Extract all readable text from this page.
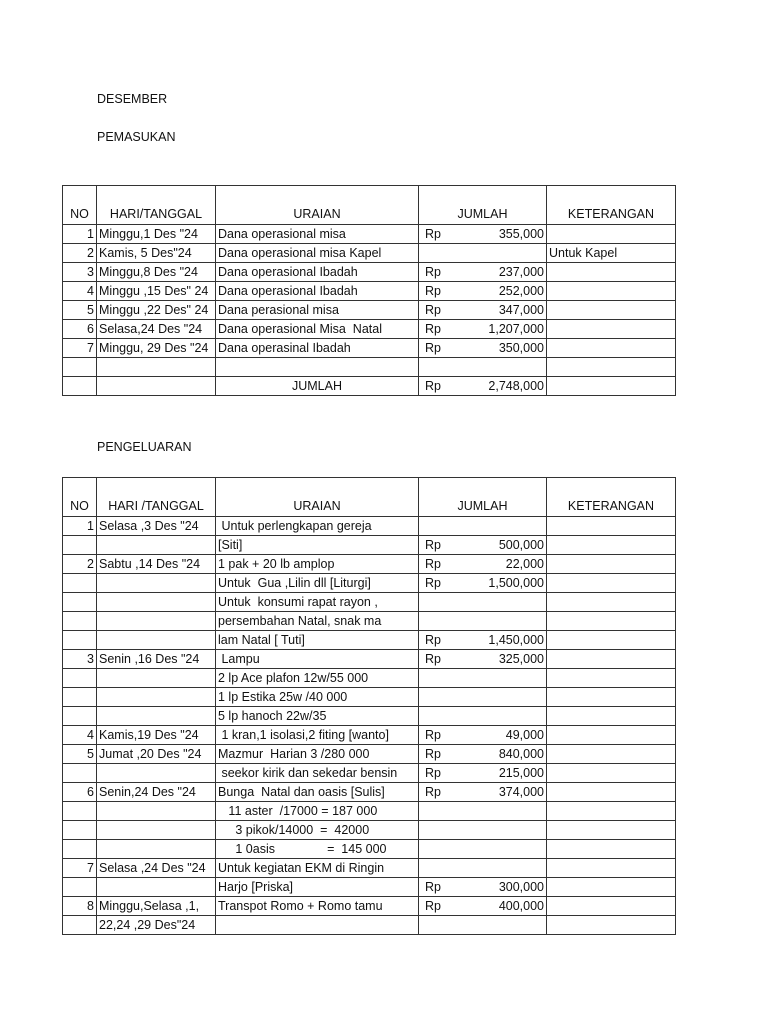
DESEMBER
PEMASUKAN
NO	HARI/TANGGAL	URAIAN	JUMLAH	KETERANGAN
1	Minggu,1 Des "24	Dana operasional misa	Rp 355,000	

2	Kamis, 5 Des"24	Dana operasional misa Kapel		Untuk Kapel
3	Minggu,8 Des "24	Dana operasional Ibadah	Rp 237,000	

4	Minggu ,15 Des" 24	Dana operasional Ibadah	Rp 252,000	

5	Minggu ,22 Des" 24	Dana perasional misa	Rp 347,000	

6	Selasa,24 Des "24	Dana operasional Misa  Natal	Rp 1,207,000	

7	Minggu, 29 Des "24	Dana operasinal Ibadah	Rp 350,000	

		JUMLAH	Rp 2,748,000	

PENGELUARAN
NO	HARI /TANGGAL	URAIAN	JUMLAH	KETERANGAN
1	Selasa ,3 Des "24	Untuk perlengkapan gereja	

		[Siti]	Rp 500,000	

2	Sabtu ,14 Des "24	1 pak + 20 lb amplop	Rp 22,000	

		Untuk  Gua ,Lilin dll [Liturgi]	Rp 1,500,000	

		Untuk  konsumi rapat rayon ,	

		persembahan Natal, snak ma	

		lam Natal [ Tuti]	Rp 1,450,000	

3	Senin ,16 Des "24	Lampu	Rp 325,000	

		2 lp Ace plafon 12w/55 000	

		1 lp Estika 25w /40 000	

		5 lp hanoch 22w/35	

4	Kamis,19 Des "24	1 kran,1 isolasi,2 fiting [wanto]	Rp 49,000	

5	Jumat ,20 Des "24	Mazmur  Harian 3 /280 000	Rp 840,000	

		seekor kirik dan sekedar bensin	Rp 215,000	

6	Senin,24 Des "24	Bunga  Natal dan oasis [Sulis]	Rp 374,000	

		11 aster  /17000 = 187 000	

		3 pikok/14000  =  42000	

		1 0asis               =  145 000	

7	Selasa ,24 Des "24	Untuk kegiatan EKM di Ringin	

		Harjo [Priska]	Rp 300,000	

8	Minggu,Selasa ,1,	Transpot Romo + Romo tamu	Rp 400,000	

	22,24 ,29 Des"24		
